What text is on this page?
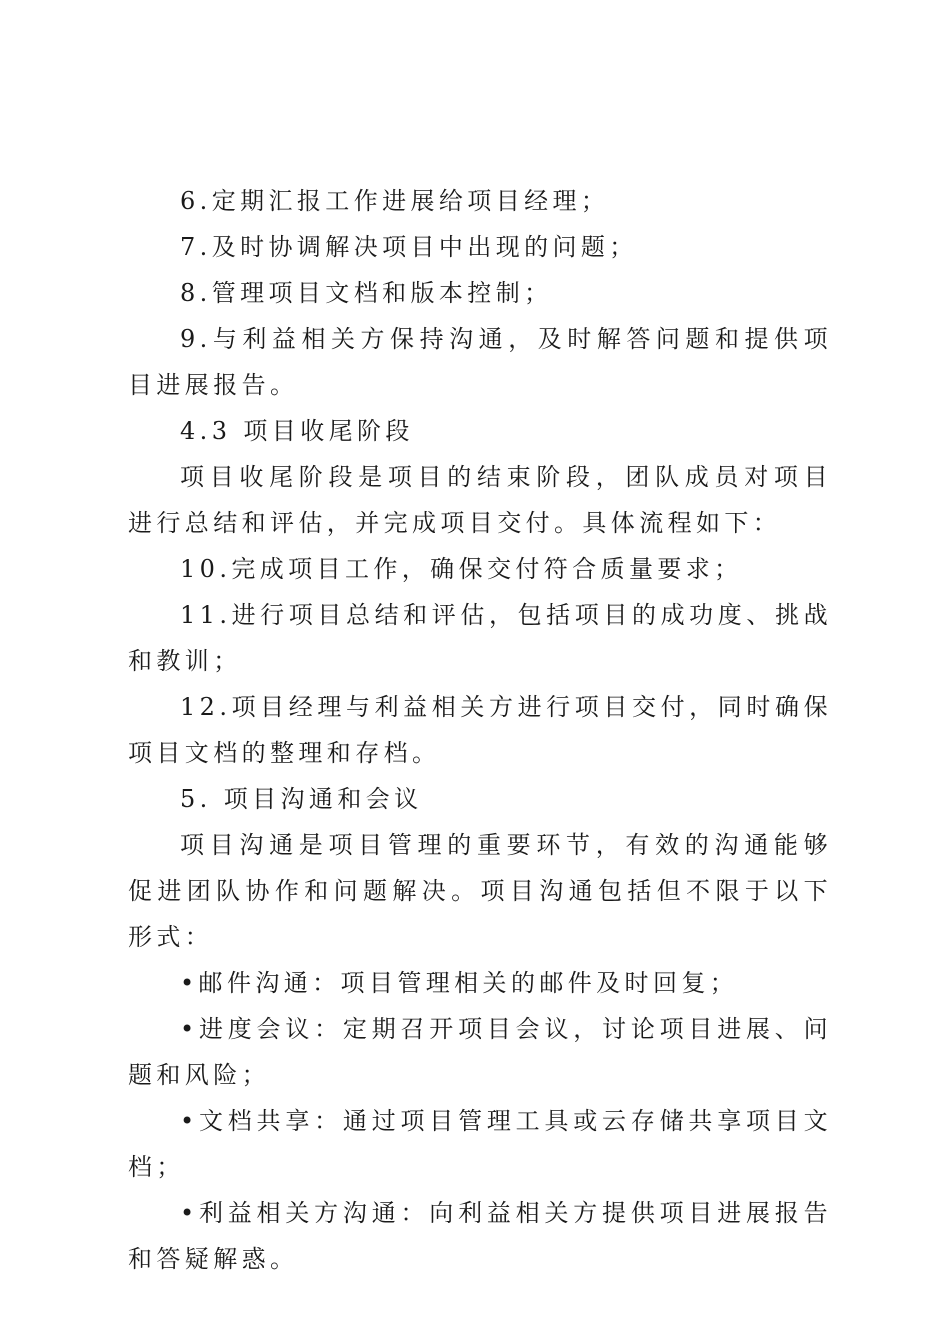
6.定期汇报工作进展给项目经理；

7.及时协调解决项目中出现的问题；

8.管理项目文档和版本控制；

9.与利益相关方保持沟通，及时解答问题和提供项目进展报告。

4.3 项目收尾阶段

项目收尾阶段是项目的结束阶段，团队成员对项目进行总结和评估，并完成项目交付。具体流程如下：

10.完成项目工作，确保交付符合质量要求；

11.进行项目总结和评估，包括项目的成功度、挑战和教训；

12.项目经理与利益相关方进行项目交付，同时确保项目文档的整理和存档。

5. 项目沟通和会议

项目沟通是项目管理的重要环节，有效的沟通能够促进团队协作和问题解决。项目沟通包括但不限于以下形式：

•邮件沟通：项目管理相关的邮件及时回复；

•进度会议：定期召开项目会议，讨论项目进展、问题和风险；

•文档共享：通过项目管理工具或云存储共享项目文档；

•利益相关方沟通：向利益相关方提供项目进展报告和答疑解惑。
